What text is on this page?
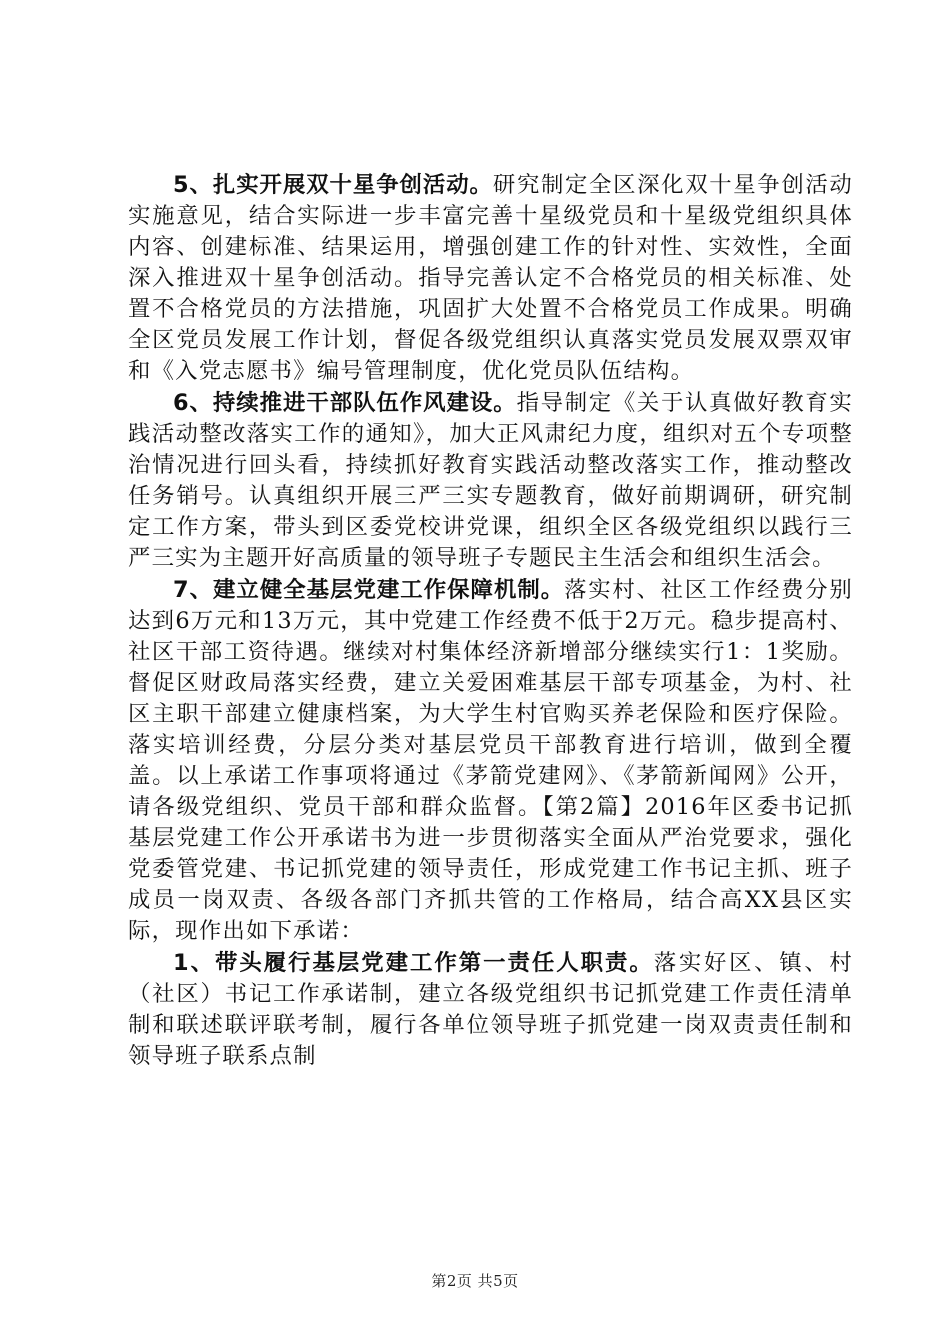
5、扎实开展双十星争创活动。研究制定全区深化双十星争创活动实施意见，结合实际进一步丰富完善十星级党员和十星级党组织具体内容、创建标准、结果运用，增强创建工作的针对性、实效性，全面深入推进双十星争创活动。指导完善认定不合格党员的相关标准、处置不合格党员的方法措施，巩固扩大处置不合格党员工作成果。明确全区党员发展工作计划，督促各级党组织认真落实党员发展双票双审和《入党志愿书》编号管理制度，优化党员队伍结构。

6、持续推进干部队伍作风建设。指导制定《关于认真做好教育实践活动整改落实工作的通知》，加大正风肃纪力度，组织对五个专项整治情况进行回头看，持续抓好教育实践活动整改落实工作，推动整改任务销号。认真组织开展三严三实专题教育，做好前期调研，研究制定工作方案，带头到区委党校讲党课，组织全区各级党组织以践行三严三实为主题开好高质量的领导班子专题民主生活会和组织生活会。

7、建立健全基层党建工作保障机制。落实村、社区工作经费分别达到6万元和13万元，其中党建工作经费不低于2万元。稳步提高村、社区干部工资待遇。继续对村集体经济新增部分继续实行1：1奖励。督促区财政局落实经费，建立关爱困难基层干部专项基金，为村、社区主职干部建立健康档案，为大学生村官购买养老保险和医疗保险。落实培训经费，分层分类对基层党员干部教育进行培训，做到全覆盖。以上承诺工作事项将通过《茅箭党建网》、《茅箭新闻网》公开，请各级党组织、党员干部和群众监督。【第2篇】2016年区委书记抓基层党建工作公开承诺书为进一步贯彻落实全面从严治党要求，强化党委管党建、书记抓党建的领导责任，形成党建工作书记主抓、班子成员一岗双责、各级各部门齐抓共管的工作格局，结合高XX县区实际，现作出如下承诺：

1、带头履行基层党建工作第一责任人职责。落实好区、镇、村（社区）书记工作承诺制，建立各级党组织书记抓党建工作责任清单制和联述联评联考制，履行各单位领导班子抓党建一岗双责责任制和领导班子联系点制

第2页 共5页
